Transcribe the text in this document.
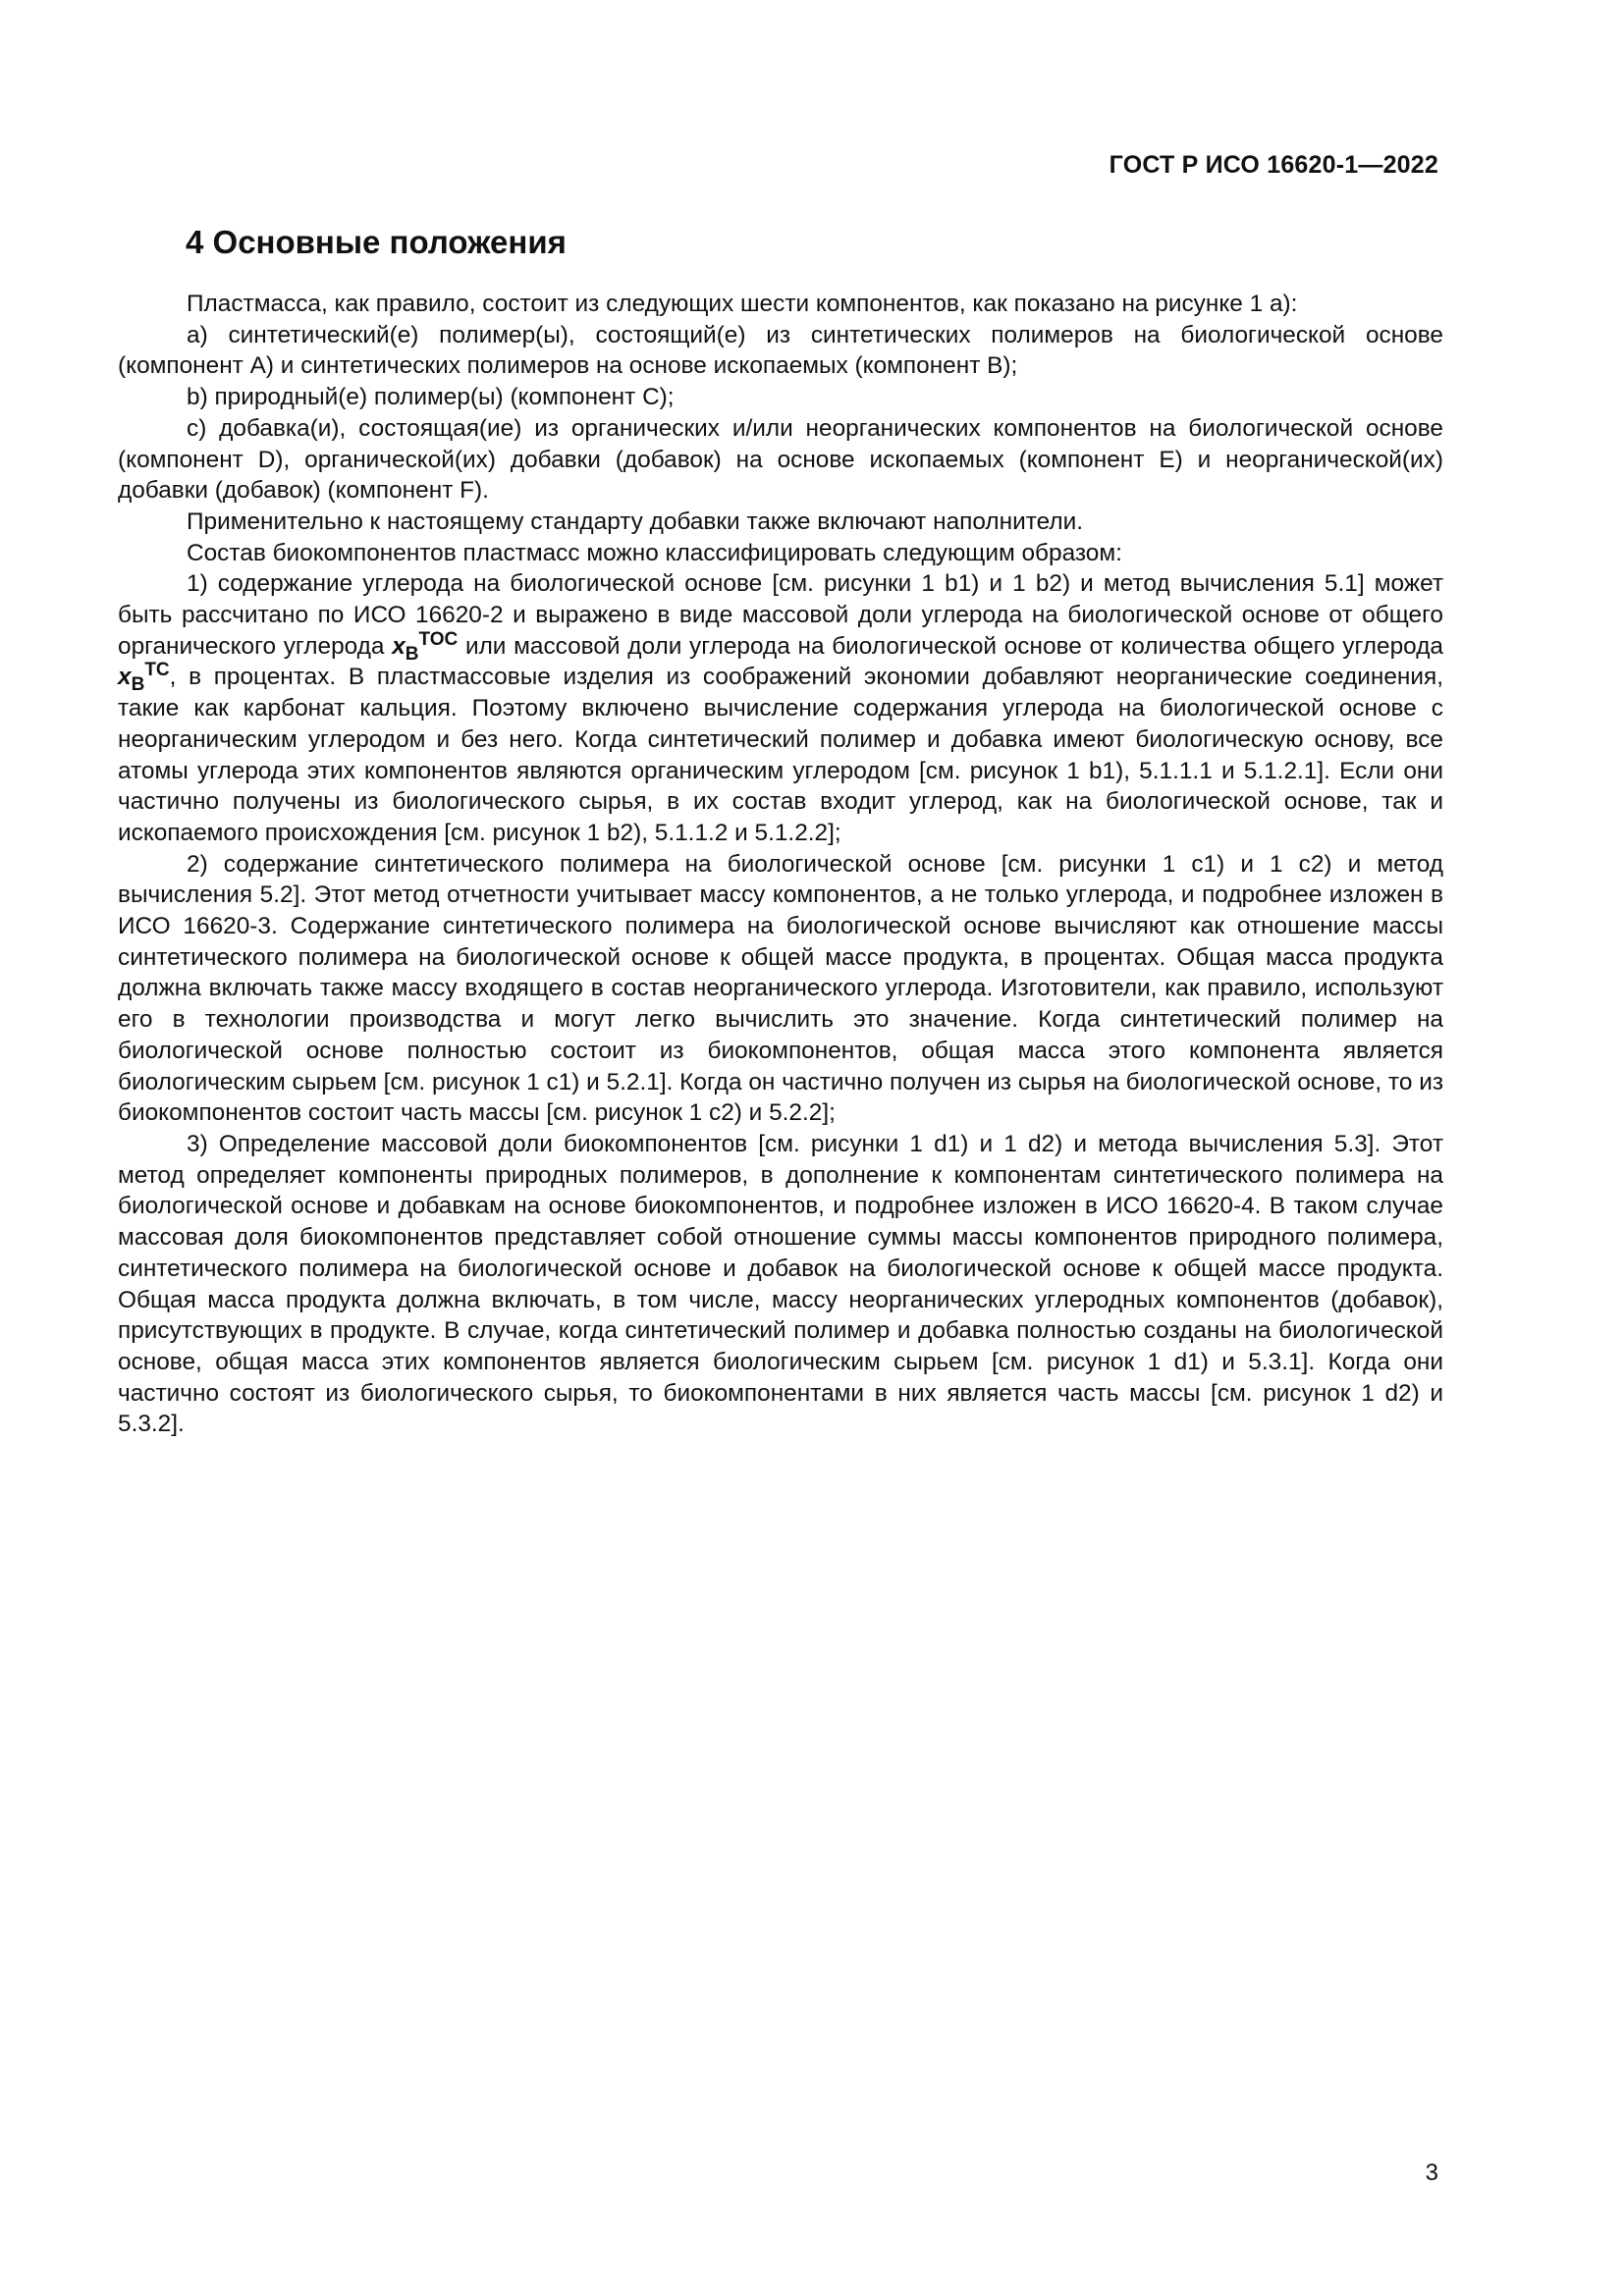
ГОСТ Р ИСО 16620-1—2022
4 Основные положения

Пластмасса, как правило, состоит из следующих шести компонентов, как показано на рисунке 1 a):

a) синтетический(е) полимер(ы), состоящий(е) из синтетических полимеров на биологической основе (компонент A) и синтетических полимеров на основе ископаемых (компонент B);

b) природный(е) полимер(ы) (компонент С);

c) добавка(и), состоящая(ие) из органических и/или неорганических компонентов на биологической основе (компонент D), органической(их) добавки (добавок) на основе ископаемых (компонент Е) и неорганической(их) добавки (добавок) (компонент F).

Применительно к настоящему стандарту добавки также включают наполнители.

Состав биокомпонентов пластмасс можно классифицировать следующим образом:

1) содержание углерода на биологической основе [см. рисунки 1 b1) и 1 b2) и метод вычисления 5.1] может быть рассчитано по ИСО 16620-2 и выражено в виде массовой доли углерода на биологической основе от общего органического углерода $x_B^{TOC}$ или массовой доли углерода на биологической основе от количества общего углерода $x_B^{TC}$, в процентах. В пластмассовые изделия из соображений экономии добавляют неорганические соединения, такие как карбонат кальция. Поэтому включено вычисление содержания углерода на биологической основе с неорганическим углеродом и без него. Когда синтетический полимер и добавка имеют биологическую основу, все атомы углерода этих компонентов являются органическим углеродом [см. рисунок 1 b1), 5.1.1.1 и 5.1.2.1]. Если они частично получены из биологического сырья, в их состав входит углерод, как на биологической основе, так и ископаемого происхождения [см. рисунок 1 b2), 5.1.1.2 и 5.1.2.2];

2) содержание синтетического полимера на биологической основе [см. рисунки 1 c1) и 1 c2) и метод вычисления 5.2]. Этот метод отчетности учитывает массу компонентов, а не только углерода, и подробнее изложен в ИСО 16620-3. Содержание синтетического полимера на биологической основе вычисляют как отношение массы синтетического полимера на биологической основе к общей массе продукта, в процентах. Общая масса продукта должна включать также массу входящего в состав неорганического углерода. Изготовители, как правило, используют его в технологии производства и могут легко вычислить это значение. Когда синтетический полимер на биологической основе полностью состоит из биокомпонентов, общая масса этого компонента является биологическим сырьем [см. рисунок 1 c1) и 5.2.1]. Когда он частично получен из сырья на биологической основе, то из биокомпонентов состоит часть массы [см. рисунок 1 c2) и 5.2.2];

3) Определение массовой доли биокомпонентов [см. рисунки 1 d1) и 1 d2) и метода вычисления 5.3]. Этот метод определяет компоненты природных полимеров, в дополнение к компонентам синтетического полимера на биологической основе и добавкам на основе биокомпонентов, и подробнее изложен в ИСО 16620-4. В таком случае массовая доля биокомпонентов представляет собой отношение суммы массы компонентов природного полимера, синтетического полимера на биологической основе и добавок на биологической основе к общей массе продукта. Общая масса продукта должна включать, в том числе, массу неорганических углеродных компонентов (добавок), присутствующих в продукте. В случае, когда синтетический полимер и добавка полностью созданы на биологической основе, общая масса этих компонентов является биологическим сырьем [см. рисунок 1 d1) и 5.3.1]. Когда они частично состоят из биологического сырья, то биокомпонентами в них является часть массы [см. рисунок 1 d2) и 5.3.2].

3
